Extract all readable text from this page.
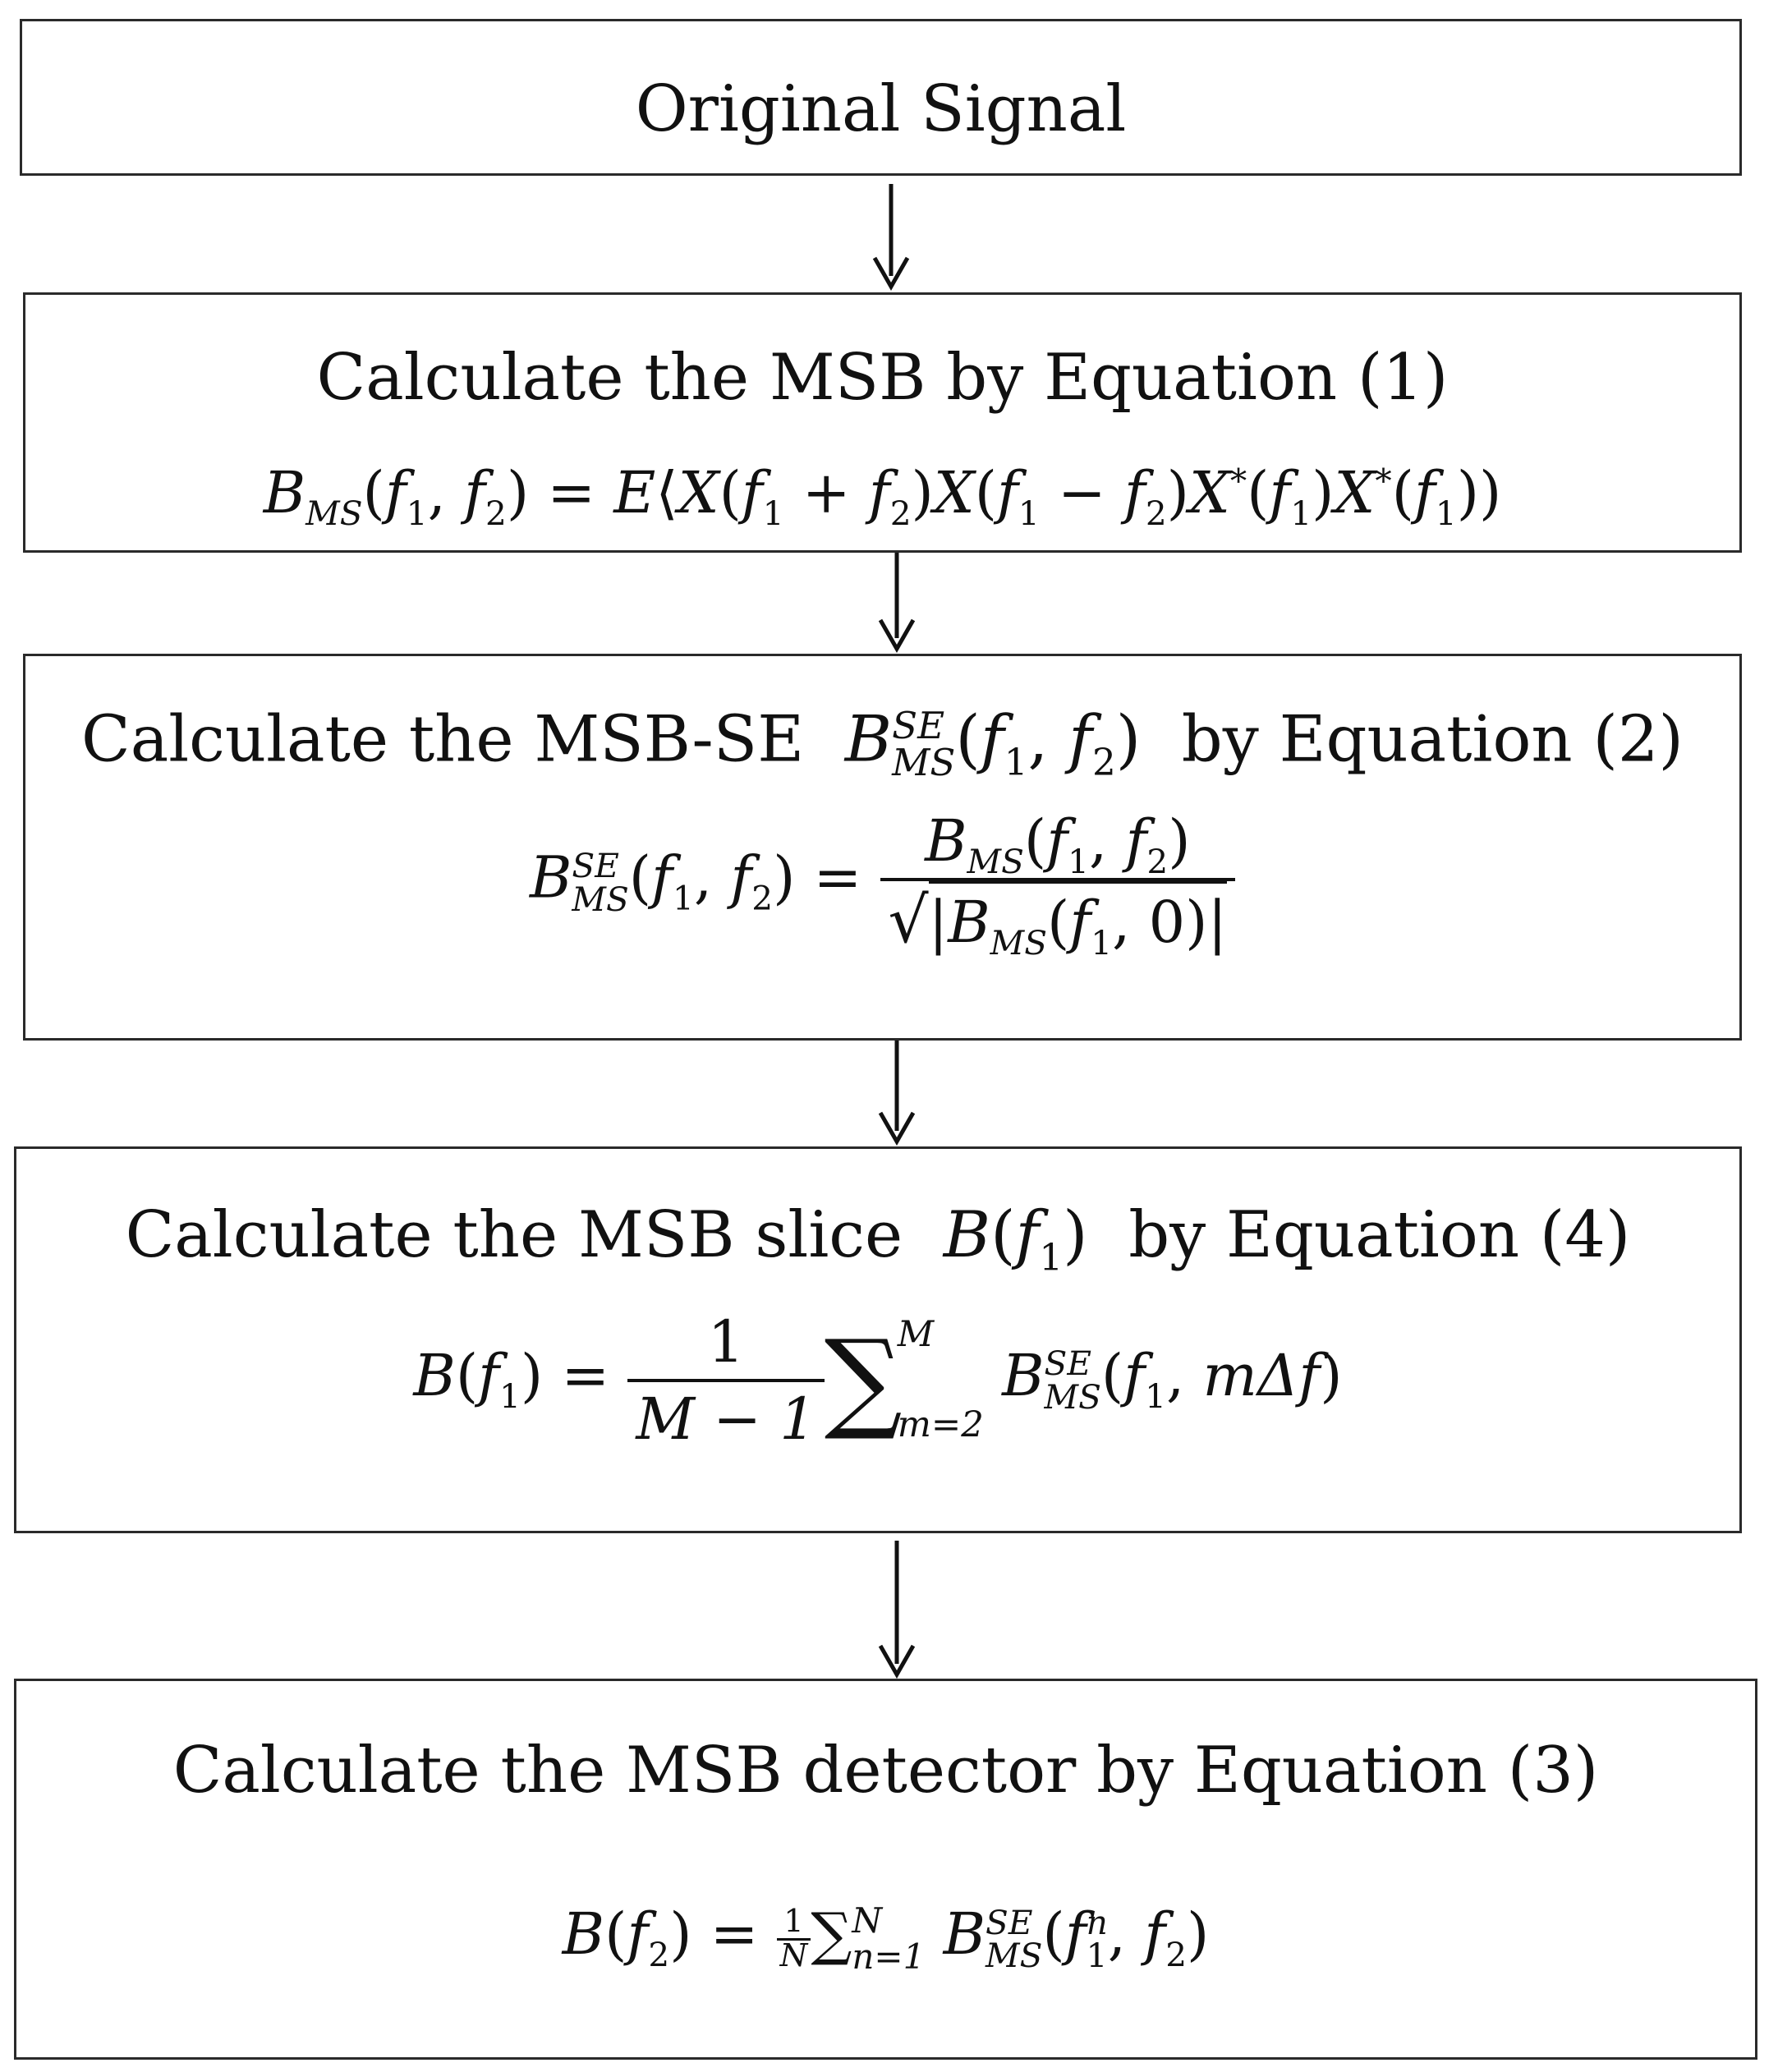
Original Signal
Calculate the MSB by Equation (1)
$B_{MS}(f_1$, $f_2$) = $E⟨X(f_1 + f_2)X(f_1 - f_2)X^*(f_1)X^*(f_1)$)
Calculate the MSB-SE B SE
MS ($f_1$, $f_2$)  by Equation (2)
B SE
MS ($f_1$, $f_2) = \frac{B_{MS}(f_1, f_2)}{√|B_{MS}(f_1, 0)|}$
Calculate the MSB slice $B(f_1)$  by Equation (4)
$B(f_1) = \frac{1}{M - 1}$ ∑
M
m=2
B SE
MS ($f_1$, mΔf)
Calculate the MSB detector by Equation (3)
$B(f_2) = \frac{1}{N}$ ∑ N
n=1 B SE
MS (f n
1 , $f_2$)
